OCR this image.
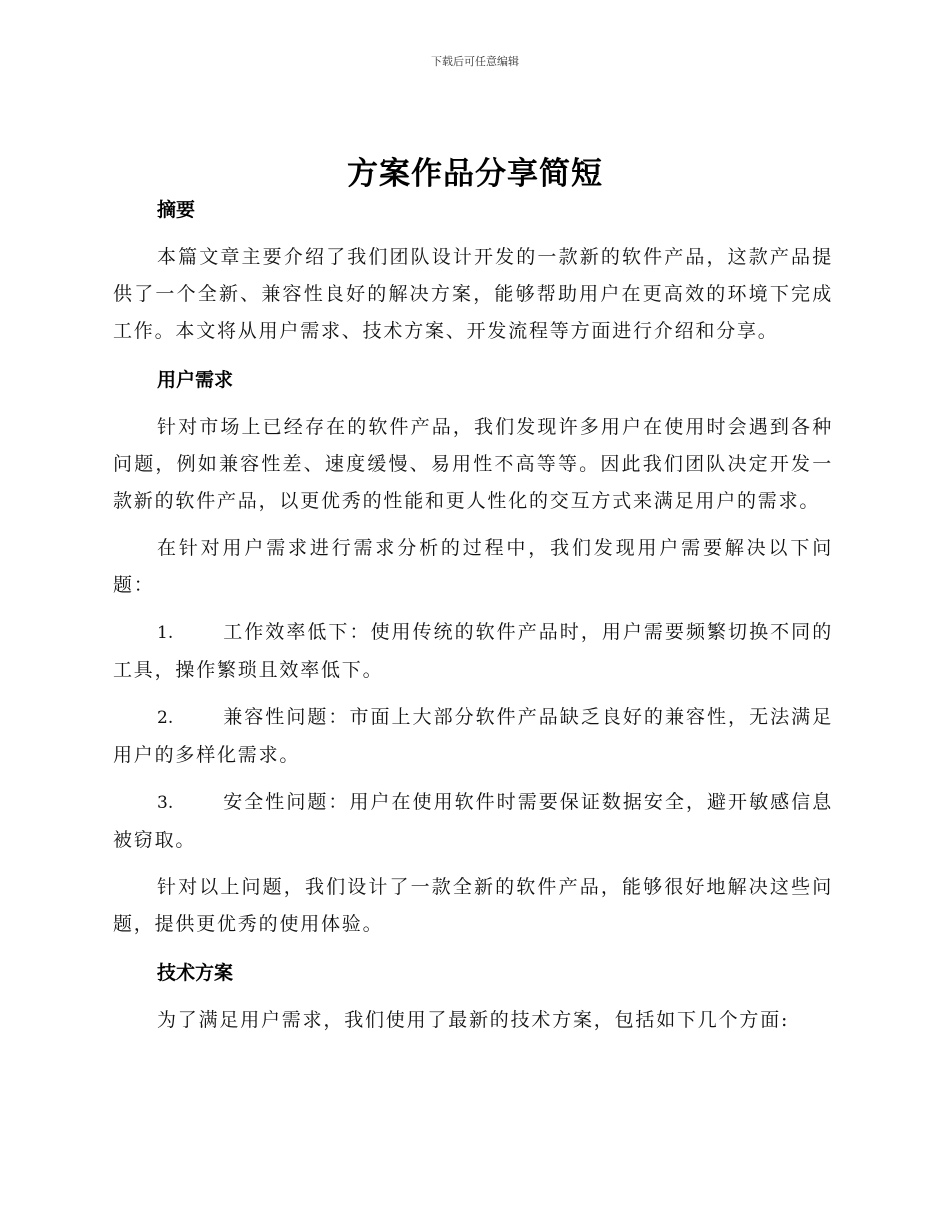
下载后可任意编辑
方案作品分享简短
摘要

本篇文章主要介绍了我们团队设计开发的一款新的软件产品，这款产品提供了一个全新、兼容性良好的解决方案，能够帮助用户在更高效的环境下完成工作。本文将从用户需求、技术方案、开发流程等方面进行介绍和分享。

用户需求

针对市场上已经存在的软件产品，我们发现许多用户在使用时会遇到各种问题，例如兼容性差、速度缓慢、易用性不高等等。因此我们团队决定开发一款新的软件产品，以更优秀的性能和更人性化的交互方式来满足用户的需求。

在针对用户需求进行需求分析的过程中，我们发现用户需要解决以下问题：

1.	工作效率低下：使用传统的软件产品时，用户需要频繁切换不同的工具，操作繁琐且效率低下。
2.	兼容性问题：市面上大部分软件产品缺乏良好的兼容性，无法满足用户的多样化需求。
3.	安全性问题：用户在使用软件时需要保证数据安全，避开敏感信息被窃取。

针对以上问题，我们设计了一款全新的软件产品，能够很好地解决这些问题，提供更优秀的使用体验。

技术方案

为了满足用户需求，我们使用了最新的技术方案，包括如下几个方面:
